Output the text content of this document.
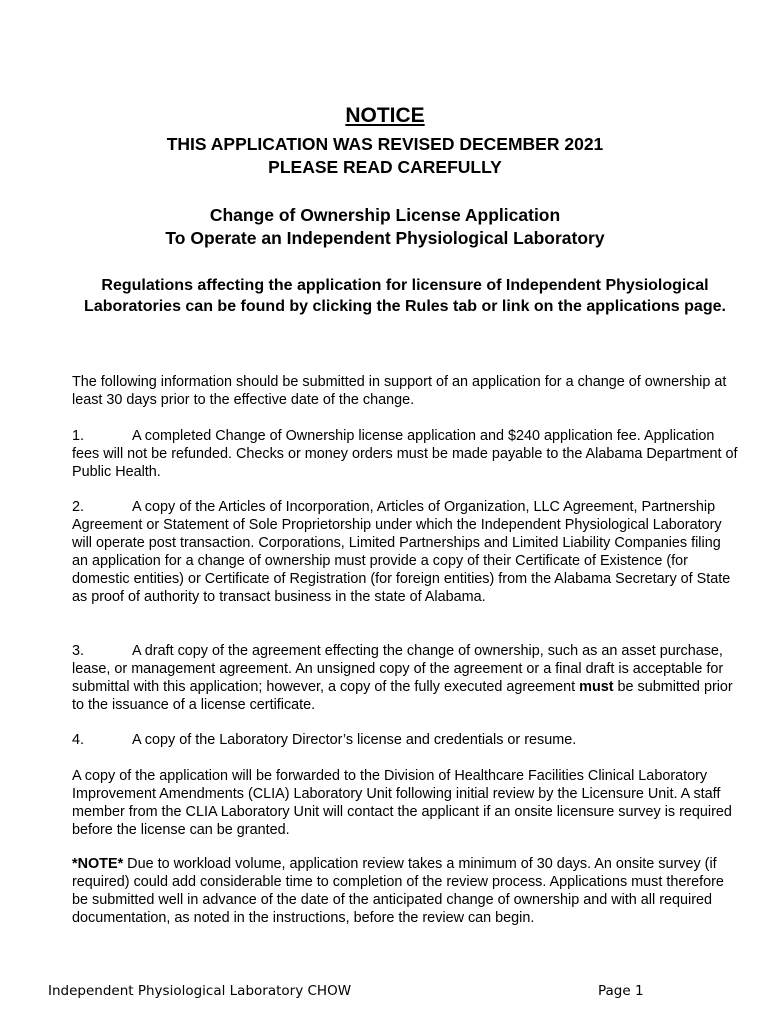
NOTICE
THIS APPLICATION WAS REVISED DECEMBER 2021
PLEASE READ CAREFULLY
Change of Ownership License Application
To Operate an Independent Physiological Laboratory
Regulations affecting the application for licensure of Independent Physiological Laboratories can be found by clicking the Rules tab or link on the applications page.

The following information should be submitted in support of an application for a change of ownership at least 30 days prior to the effective date of the change.

1.	A completed Change of Ownership license application and $240 application fee. Application fees will not be refunded. Checks or money orders must be made payable to the Alabama Department of Public Health.

2.	A copy of the Articles of Incorporation, Articles of Organization, LLC Agreement, Partnership Agreement or Statement of Sole Proprietorship under which the Independent Physiological Laboratory will operate post transaction. Corporations, Limited Partnerships and Limited Liability Companies filing an application for a change of ownership must provide a copy of their Certificate of Existence (for domestic entities) or Certificate of Registration (for foreign entities) from the Alabama Secretary of State as proof of authority to transact business in the state of Alabama.

3.	A draft copy of the agreement effecting the change of ownership, such as an asset purchase, lease, or management agreement. An unsigned copy of the agreement or a final draft is acceptable for submittal with this application; however, a copy of the fully executed agreement must be submitted prior to the issuance of a license certificate.

4.	A copy of the Laboratory Director’s license and credentials or resume.

A copy of the application will be forwarded to the Division of Healthcare Facilities Clinical Laboratory Improvement Amendments (CLIA) Laboratory Unit following initial review by the Licensure Unit. A staff member from the CLIA Laboratory Unit will contact the applicant if an onsite licensure survey is required before the license can be granted.

*NOTE* Due to workload volume, application review takes a minimum of 30 days. An onsite survey (if required) could add considerable time to completion of the review process. Applications must therefore be submitted well in advance of the date of the anticipated change of ownership and with all required documentation, as noted in the instructions, before the review can begin.

Independent Physiological Laboratory CHOW	Page 1
